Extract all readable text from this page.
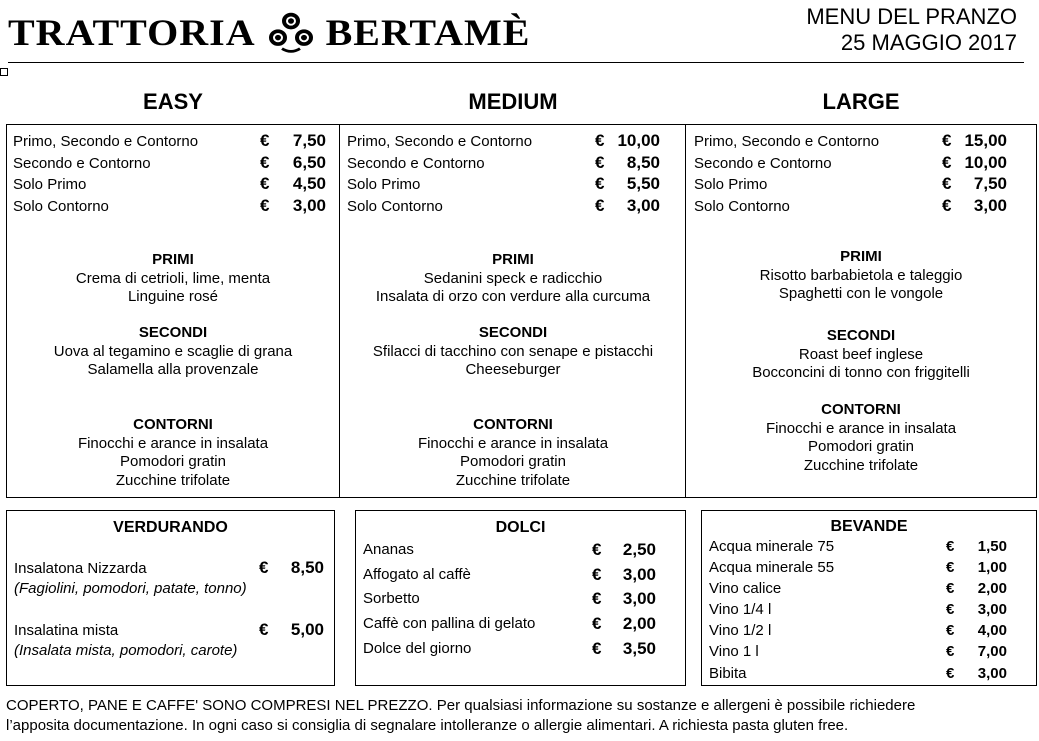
TRATTORIA BERTAMÈ	MENU DEL PRANZO
25 MAGGIO 2017
EASY	MEDIUM	LARGE
Primo, Secondo e Contorno	€	7,50
Secondo e Contorno	€	6,50
Solo Primo	€	4,50
Solo Contorno	€	3,00
PRIMI
Crema di cetrioli, lime, menta
Linguine rosé
SECONDI
Uova al tegamino e scaglie di grana
Salamella alla provenzale
CONTORNI
Finocchi e arance in insalata
Pomodori gratin
Zucchine trifolate
Primo, Secondo e Contorno	€ 10,00
Secondo e Contorno	€	8,50
Solo Primo	€	5,50
Solo Contorno	€	3,00
PRIMI
Sedanini speck e radicchio
Insalata di orzo con verdure alla curcuma
SECONDI
Sfilacci di tacchino con senape e pistacchi
Cheeseburger
CONTORNI
Finocchi e arance in insalata
Pomodori gratin
Zucchine trifolate
Primo, Secondo e Contorno	€ 15,00
Secondo e Contorno	€ 10,00
Solo Primo	€	7,50
Solo Contorno	€	3,00
PRIMI
Risotto barbabietola e taleggio
Spaghetti con le vongole
SECONDI
Roast beef inglese
Bocconcini di tonno con friggitelli
CONTORNI
Finocchi e arance in insalata
Pomodori gratin
Zucchine trifolate
VERDURANDO
Insalatona Nizzarda	€	8,50
(Fagiolini, pomodori, patate, tonno)
Insalatina mista	€	5,00
(Insalata mista, pomodori, carote)
DOLCI
Ananas	€	2,50
Affogato al caffè	€	3,00
Sorbetto	€	3,00
Caffè con pallina di gelato	€	2,00
Dolce del giorno	€	3,50
BEVANDE
Acqua minerale 75	€	1,50
Acqua minerale 55	€	1,00
Vino calice	€	2,00
Vino 1/4 l	€	3,00
Vino 1/2 l	€	4,00
Vino 1 l	€	7,00
Bibita	€	3,00
COPERTO, PANE E CAFFE' SONO COMPRESI NEL PREZZO. Per qualsiasi informazione su sostanze e allergeni è possibile richiedere
l’apposita documentazione. In ogni caso si consiglia di segnalare intolleranze o allergie alimentari. A richiesta pasta gluten free.
